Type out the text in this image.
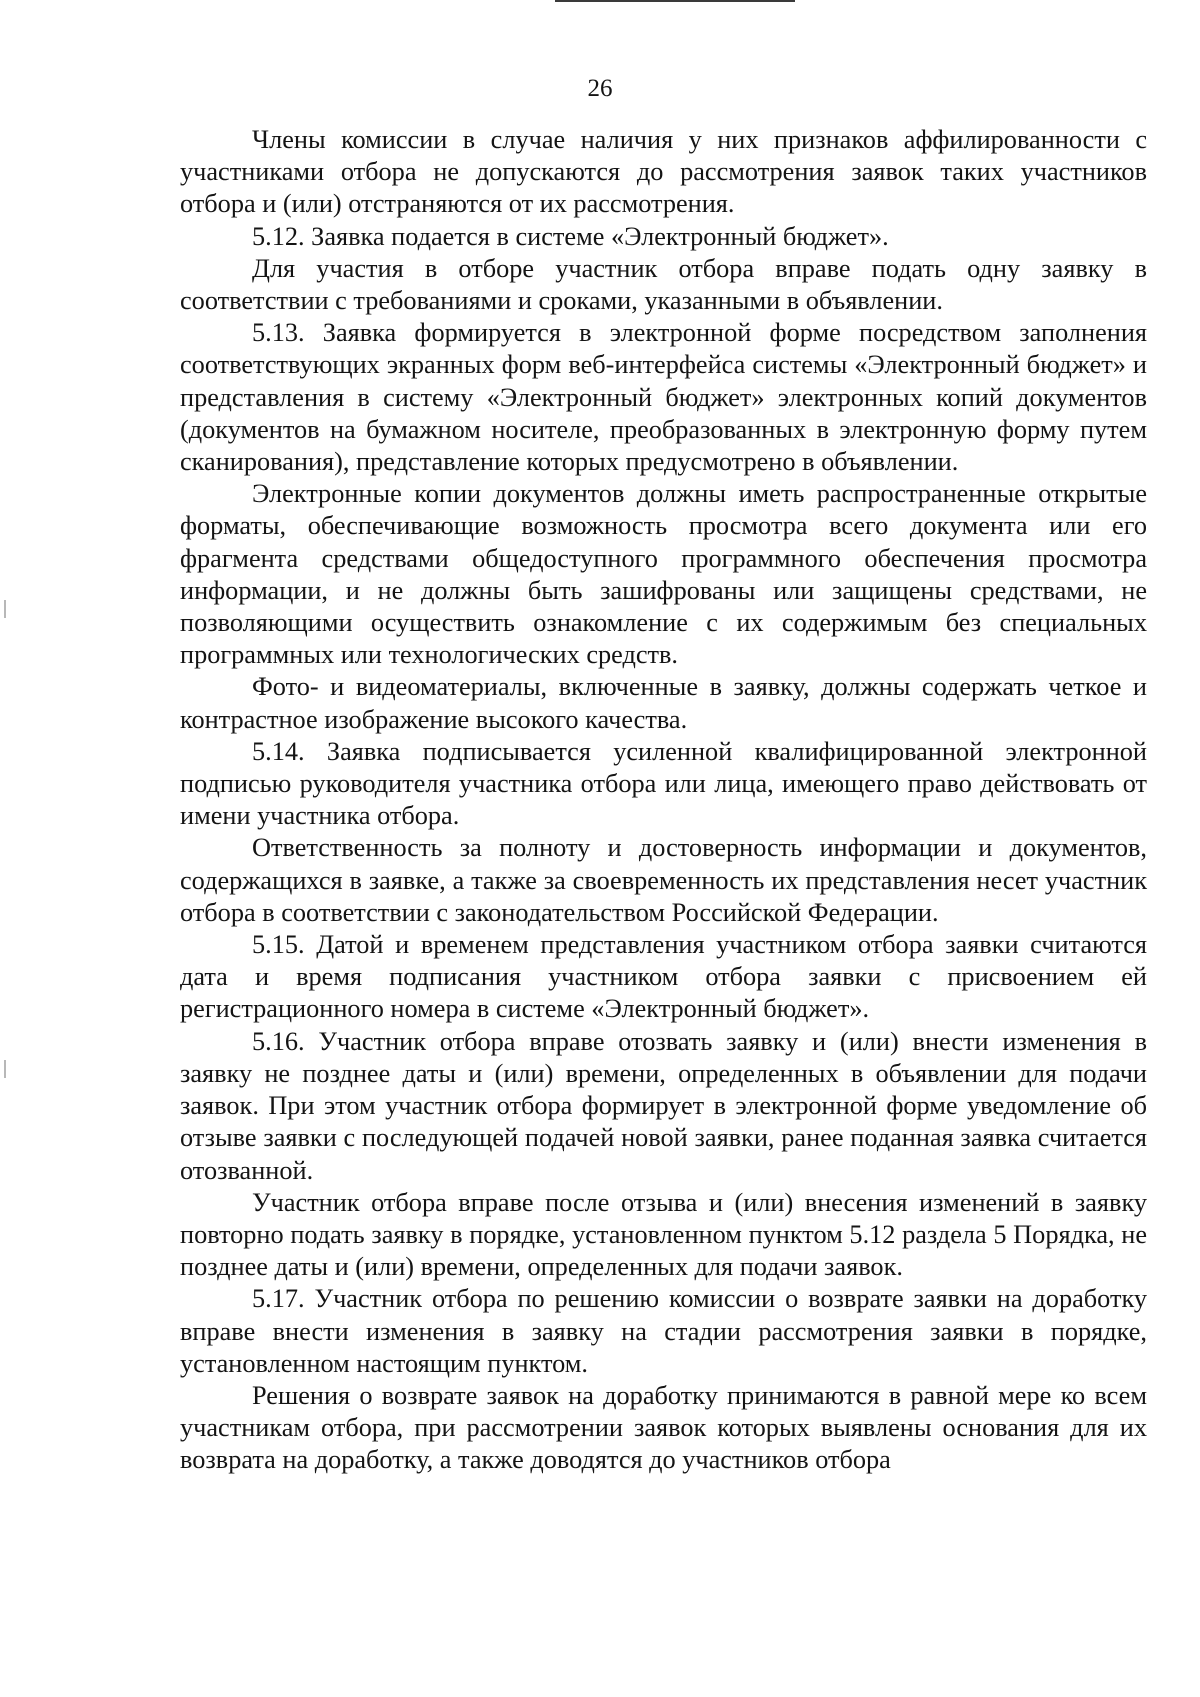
26

Члены комиссии в случае наличия у них признаков аффилированности с участниками отбора не допускаются до рассмотрения заявок таких участников отбора и (или) отстраняются от их рассмотрения.

5.12. Заявка подается в системе «Электронный бюджет».

Для участия в отборе участник отбора вправе подать одну заявку в соответствии с требованиями и сроками, указанными в объявлении.

5.13. Заявка формируется в электронной форме посредством заполнения соответствующих экранных форм веб-интерфейса системы «Электронный бюджет» и представления в систему «Электронный бюджет» электронных копий документов (документов на бумажном носителе, преобразованных в электронную форму путем сканирования), представление которых предусмотрено в объявлении.

Электронные копии документов должны иметь распространенные открытые форматы, обеспечивающие возможность просмотра всего документа или его фрагмента средствами общедоступного программного обеспечения просмотра информации, и не должны быть зашифрованы или защищены средствами, не позволяющими осуществить ознакомление с их содержимым без специальных программных или технологических средств.

Фото- и видеоматериалы, включенные в заявку, должны содержать четкое и контрастное изображение высокого качества.

5.14. Заявка подписывается усиленной квалифицированной электронной подписью руководителя участника отбора или лица, имеющего право действовать от имени участника отбора.

Ответственность за полноту и достоверность информации и документов, содержащихся в заявке, а также за своевременность их представления несет участник отбора в соответствии с законодательством Российской Федерации.

5.15. Датой и временем представления участником отбора заявки считаются дата и время подписания участником отбора заявки с присвоением ей регистрационного номера в системе «Электронный бюджет».

5.16. Участник отбора вправе отозвать заявку и (или) внести изменения в заявку не позднее даты и (или) времени, определенных в объявлении для подачи заявок. При этом участник отбора формирует в электронной форме уведомление об отзыве заявки с последующей подачей новой заявки, ранее поданная заявка считается отозванной.

Участник отбора вправе после отзыва и (или) внесения изменений в заявку повторно подать заявку в порядке, установленном пунктом 5.12 раздела 5 Порядка, не позднее даты и (или) времени, определенных для подачи заявок.

5.17. Участник отбора по решению комиссии о возврате заявки на доработку вправе внести изменения в заявку на стадии рассмотрения заявки в порядке, установленном настоящим пунктом.

Решения о возврате заявок на доработку принимаются в равной мере ко всем участникам отбора, при рассмотрении заявок которых выявлены основания для их возврата на доработку, а также доводятся до участников отбора
